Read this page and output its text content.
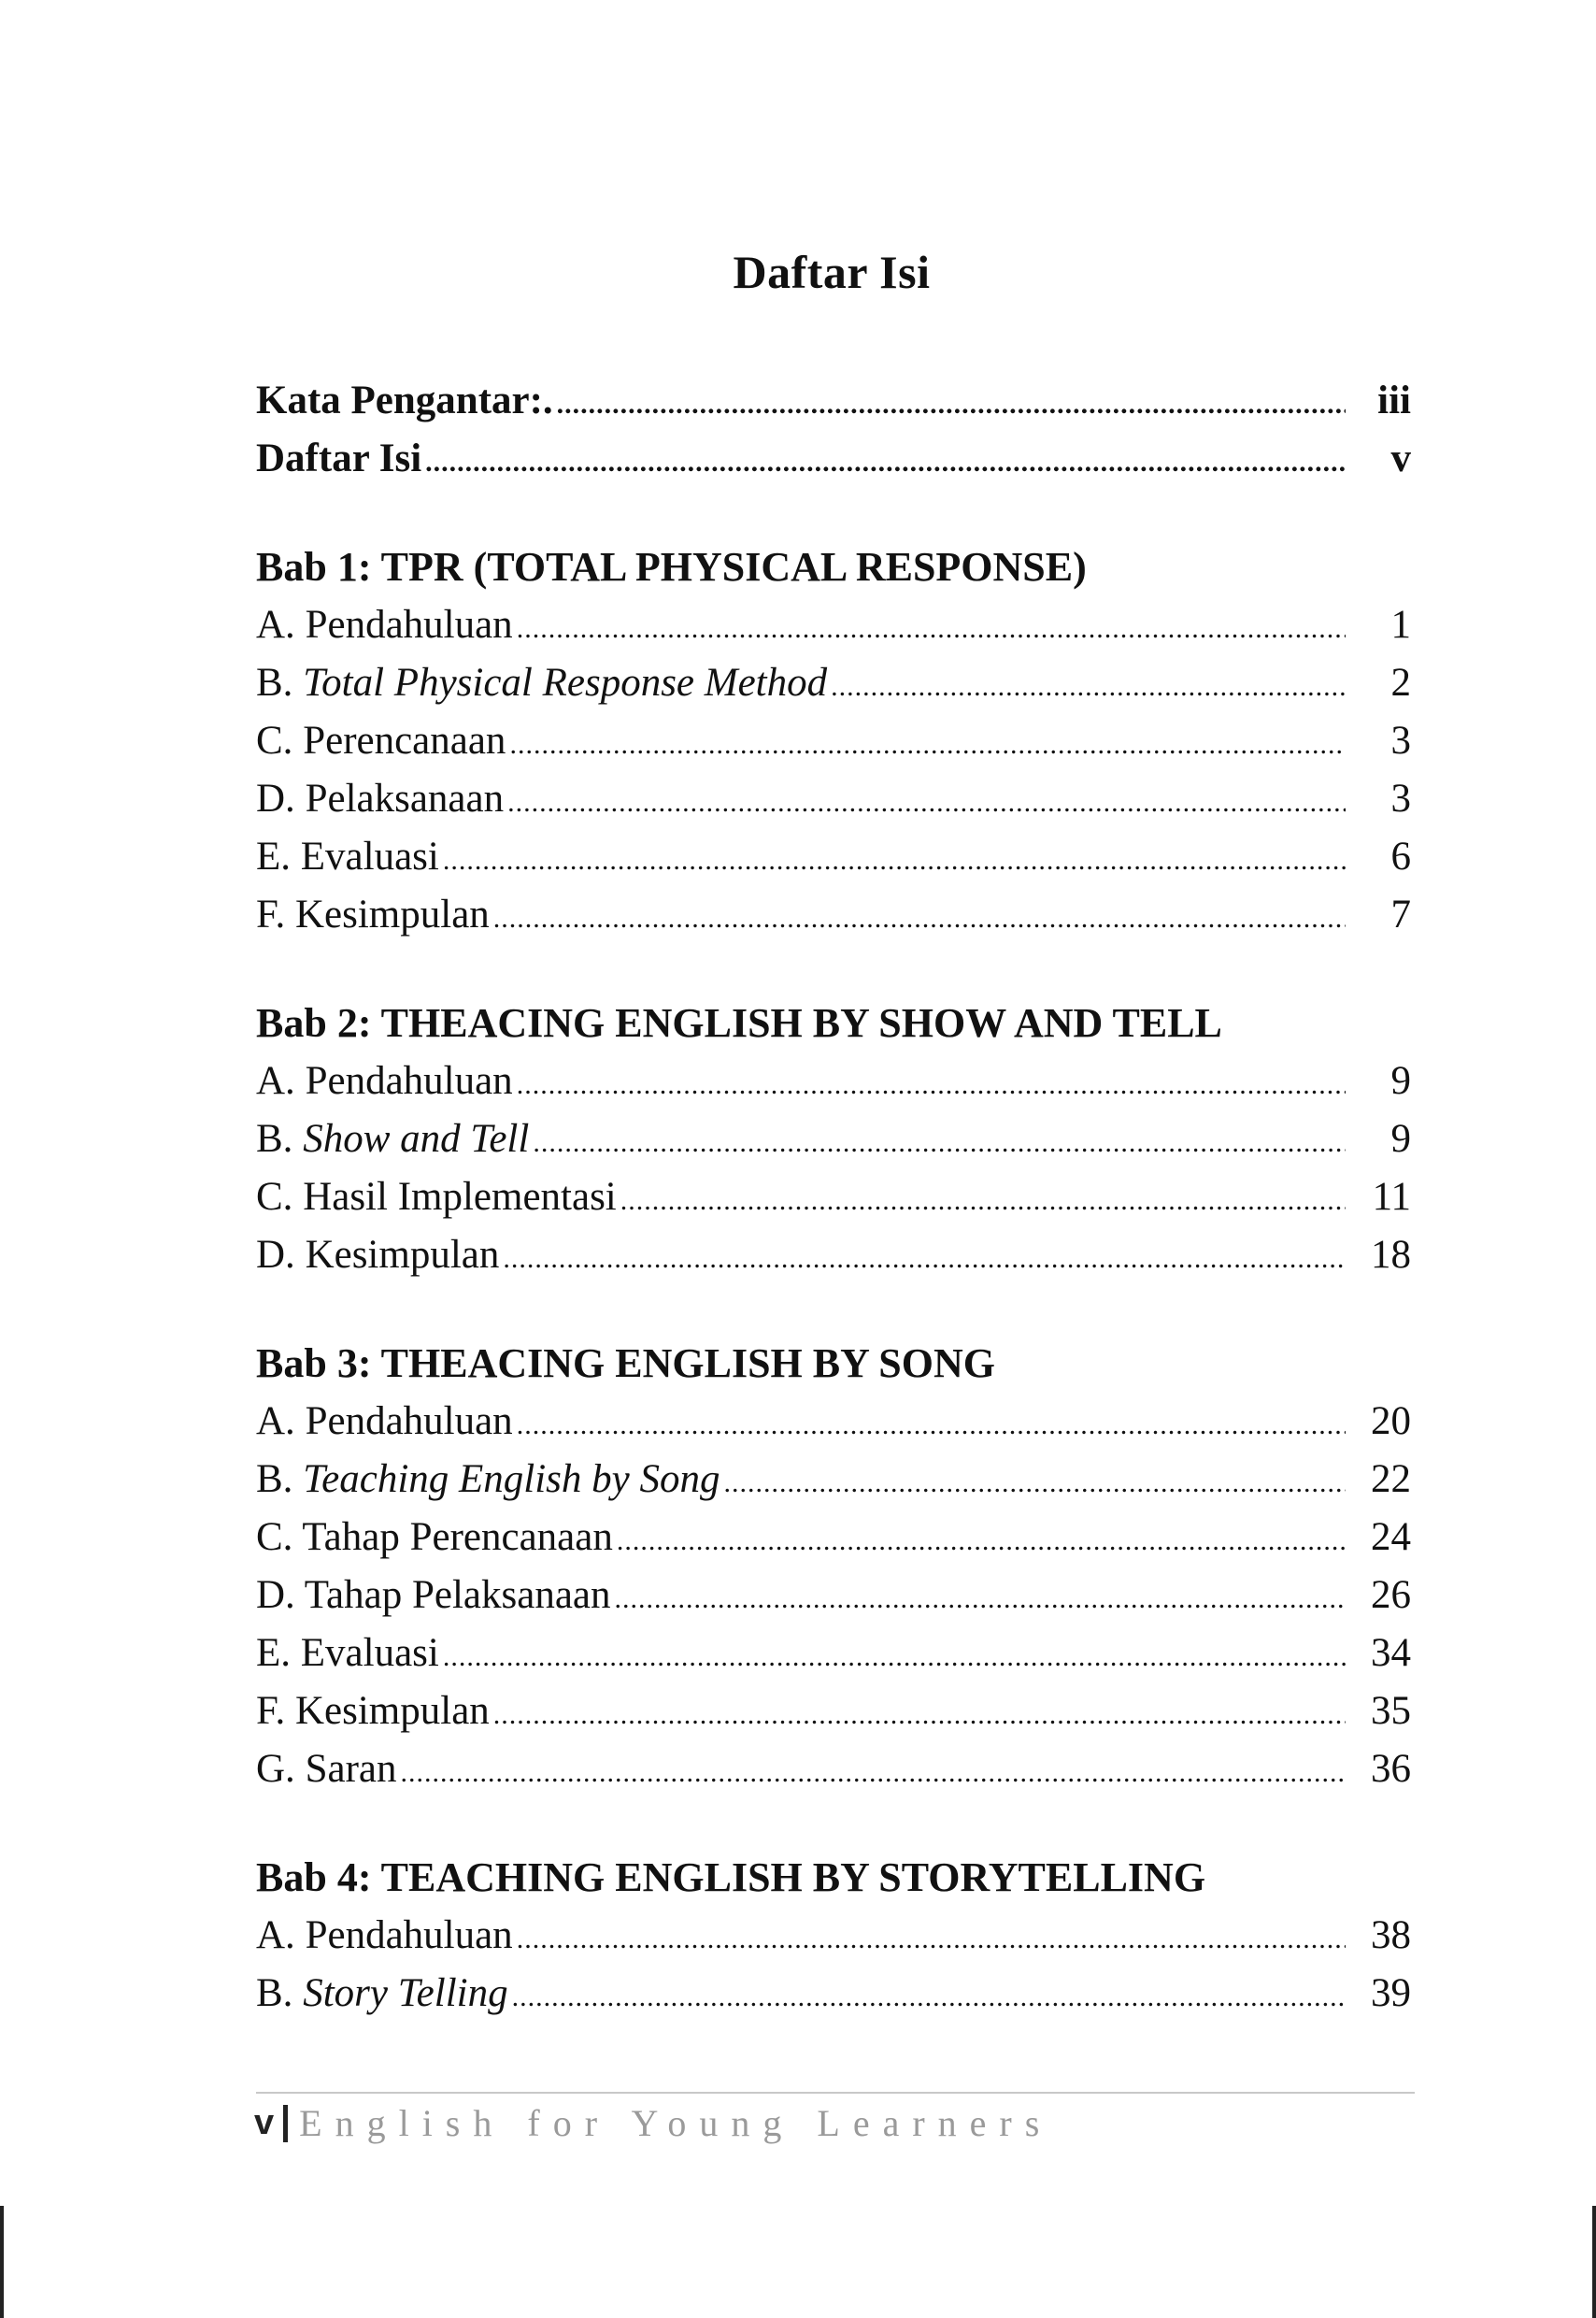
Daftar Isi
Kata Pengantar:. .....	iii
Daftar Isi .....	v
Bab 1: TPR (TOTAL PHYSICAL RESPONSE)
A. Pendahuluan .....	1
B. Total Physical Response Method .....	2
C. Perencanaan .....	3
D. Pelaksanaan .....	3
E. Evaluasi .....	6
F. Kesimpulan .....	7
Bab 2: THEACING ENGLISH BY SHOW AND TELL
A. Pendahuluan .....	9
B. Show and Tell .....	9
C. Hasil Implementasi .....	11
D. Kesimpulan .....	18
Bab 3: THEACING ENGLISH BY SONG
A. Pendahuluan .....	20
B. Teaching English by Song .....	22
C. Tahap Perencanaan .....	24
D. Tahap Pelaksanaan .....	26
E. Evaluasi .....	34
F. Kesimpulan .....	35
G. Saran .....	36
Bab 4: TEACHING ENGLISH BY STORYTELLING
A. Pendahuluan .....	38
B. Story Telling .....	39
v English for Young Learners
